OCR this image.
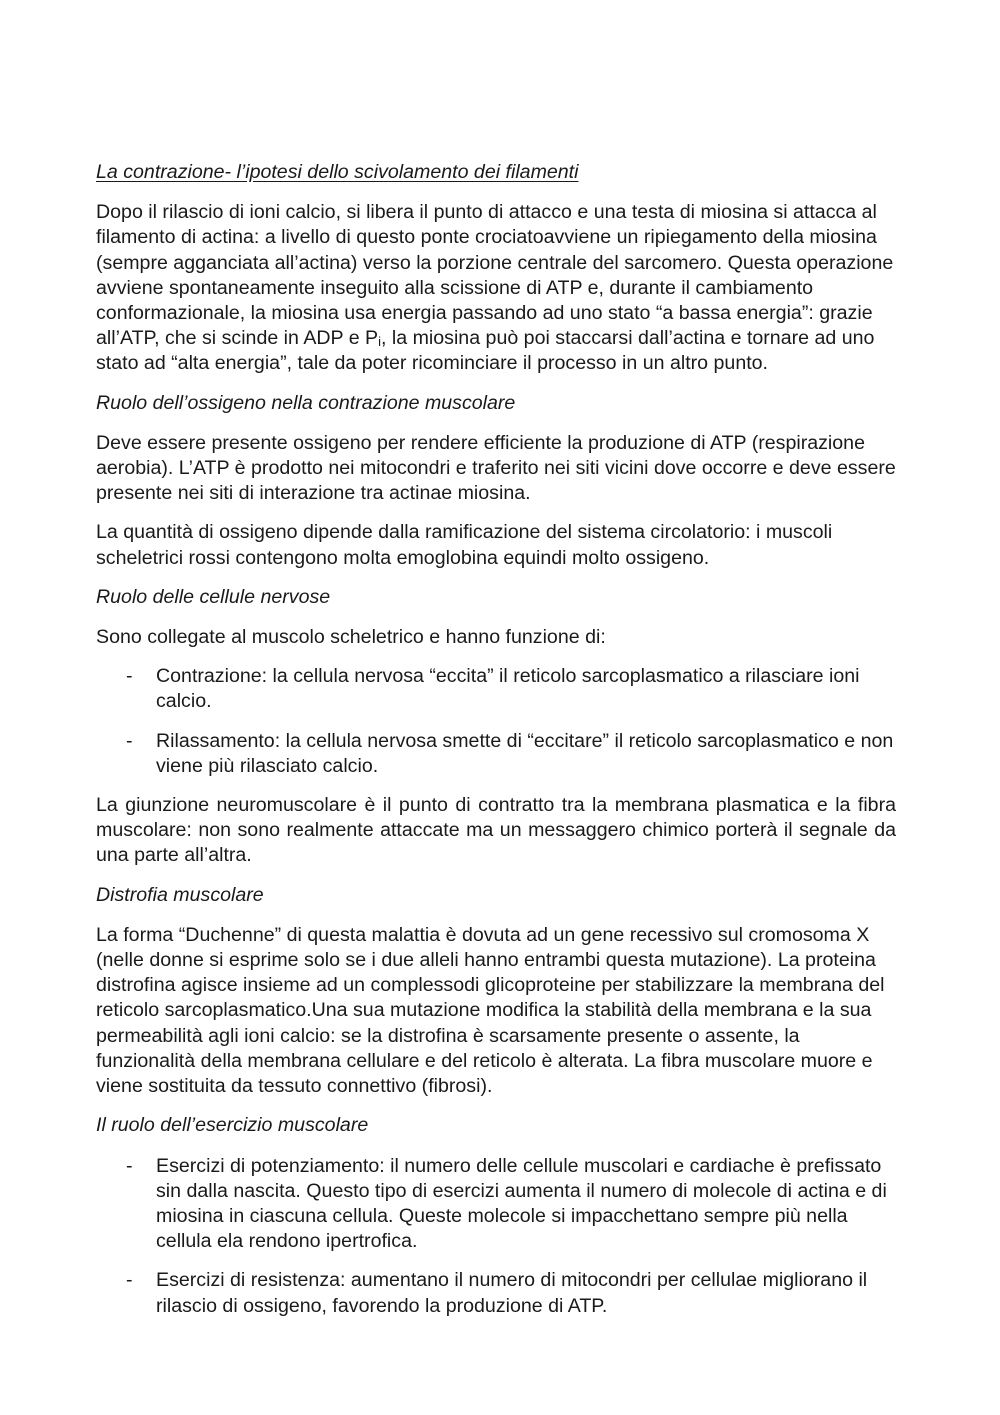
La contrazione- l’ipotesi dello scivolamento dei filamenti
Dopo il rilascio di ioni calcio, si libera il punto di attacco e una testa di miosina si attacca al filamento di actina: a livello di questo ponte crociatoavviene un ripiegamento della miosina (sempre agganciata all’actina) verso la porzione centrale del sarcomero. Questa operazione avviene spontaneamente inseguito alla scissione di ATP e, durante il cambiamento conformazionale, la miosina usa energia passando ad uno stato “a bassa energia”: grazie all’ATP, che si scinde in ADP e $P_i$, la miosina può poi staccarsi dall’actina e tornare ad uno stato ad “alta energia”, tale da poter ricominciare il processo in un altro punto.
Ruolo dell’ossigeno nella contrazione muscolare
Deve essere presente ossigeno per rendere efficiente la produzione di ATP (respirazione aerobia). L’ATP è prodotto nei mitocondri e traferito nei siti vicini dove occorre e deve essere presente nei siti di interazione tra actinae miosina.
La quantità di ossigeno dipende dalla ramificazione del sistema circolatorio: i muscoli scheletrici rossi contengono molta emoglobina equindi molto ossigeno.
Ruolo delle cellule nervose
Sono collegate al muscolo scheletrico e hanno funzione di:
- Contrazione: la cellula nervosa “eccita” il reticolo sarcoplasmatico a rilasciare ioni calcio.
- Rilassamento: la cellula nervosa smette di “eccitare” il reticolo sarcoplasmatico e non viene più rilasciato calcio.
La giunzione neuromuscolare è il punto di contratto tra la membrana plasmatica e la fibra muscolare: non sono realmente attaccate ma un messaggero chimico porterà il segnale da una parte all’altra.
Distrofia muscolare
La forma “Duchenne” di questa malattia è dovuta ad un gene recessivo sul cromosoma X (nelle donne si esprime solo se i due alleli hanno entrambi questa mutazione). La proteina distrofina agisce insieme ad un complessodi glicoproteine per stabilizzare la membrana del reticolo sarcoplasmatico.Una sua mutazione modifica la stabilità della membrana e la sua permeabilità agli ioni calcio: se la distrofina è scarsamente presente o assente, la funzionalità della membrana cellulare e del reticolo è alterata. La fibra muscolare muore e viene sostituita da tessuto connettivo (fibrosi).
Il ruolo dell’esercizio muscolare
- Esercizi di potenziamento: il numero delle cellule muscolari e cardiache è prefissato sin dalla nascita. Questo tipo di esercizi aumenta il numero di molecole di actina e di miosina in ciascuna cellula. Queste molecole si impacchettano sempre più nella cellula ela rendono ipertrofica.
- Esercizi di resistenza: aumentano il numero di mitocondri per cellulae migliorano il rilascio di ossigeno, favorendo la produzione di ATP.
